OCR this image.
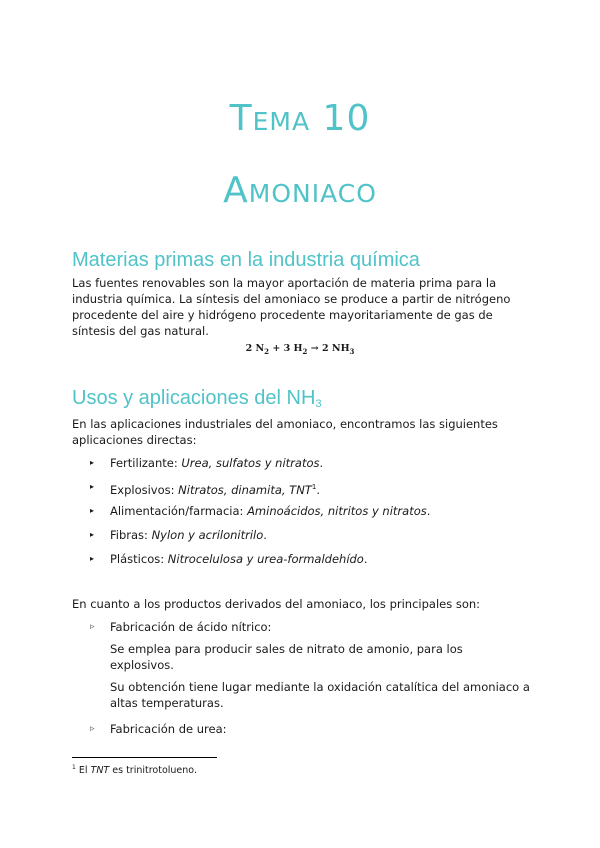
Tema 10
Amoniaco
Materias primas en la industria química

Las fuentes renovables son la mayor aportación de materia prima para la industria química. La síntesis del amoniaco se produce a partir de nitrógeno procedente del aire y hidrógeno procedente mayoritariamente de gas de síntesis del gas natural.

2 $N_2 + 3$ $H_2 \to 2$ $NH_3$
Usos y aplicaciones del $NH_3$

En las aplicaciones industriales del amoniaco, encontramos las siguientes aplicaciones directas:

▸ Fertilizante: Urea, sulfatos y nitratos.
▸ Explosivos: Nitratos, dinamita, TNT$^1$.
▸ Alimentación/farmacia: Aminoácidos, nitritos y nitratos.
▸ Fibras: Nylon y acrilonitrilo.
▸ Plásticos: Nitrocelulosa y urea-formaldehído.

En cuanto a los productos derivados del amoniaco, los principales son:

▹ Fabricación de ácido nítrico:

Se emplea para producir sales de nitrato de amonio, para los explosivos.

Su obtención tiene lugar mediante la oxidación catalítica del amoniaco a altas temperaturas.

▹ Fabricación de urea:
$^1$ El TNT es trinitrotolueno.
